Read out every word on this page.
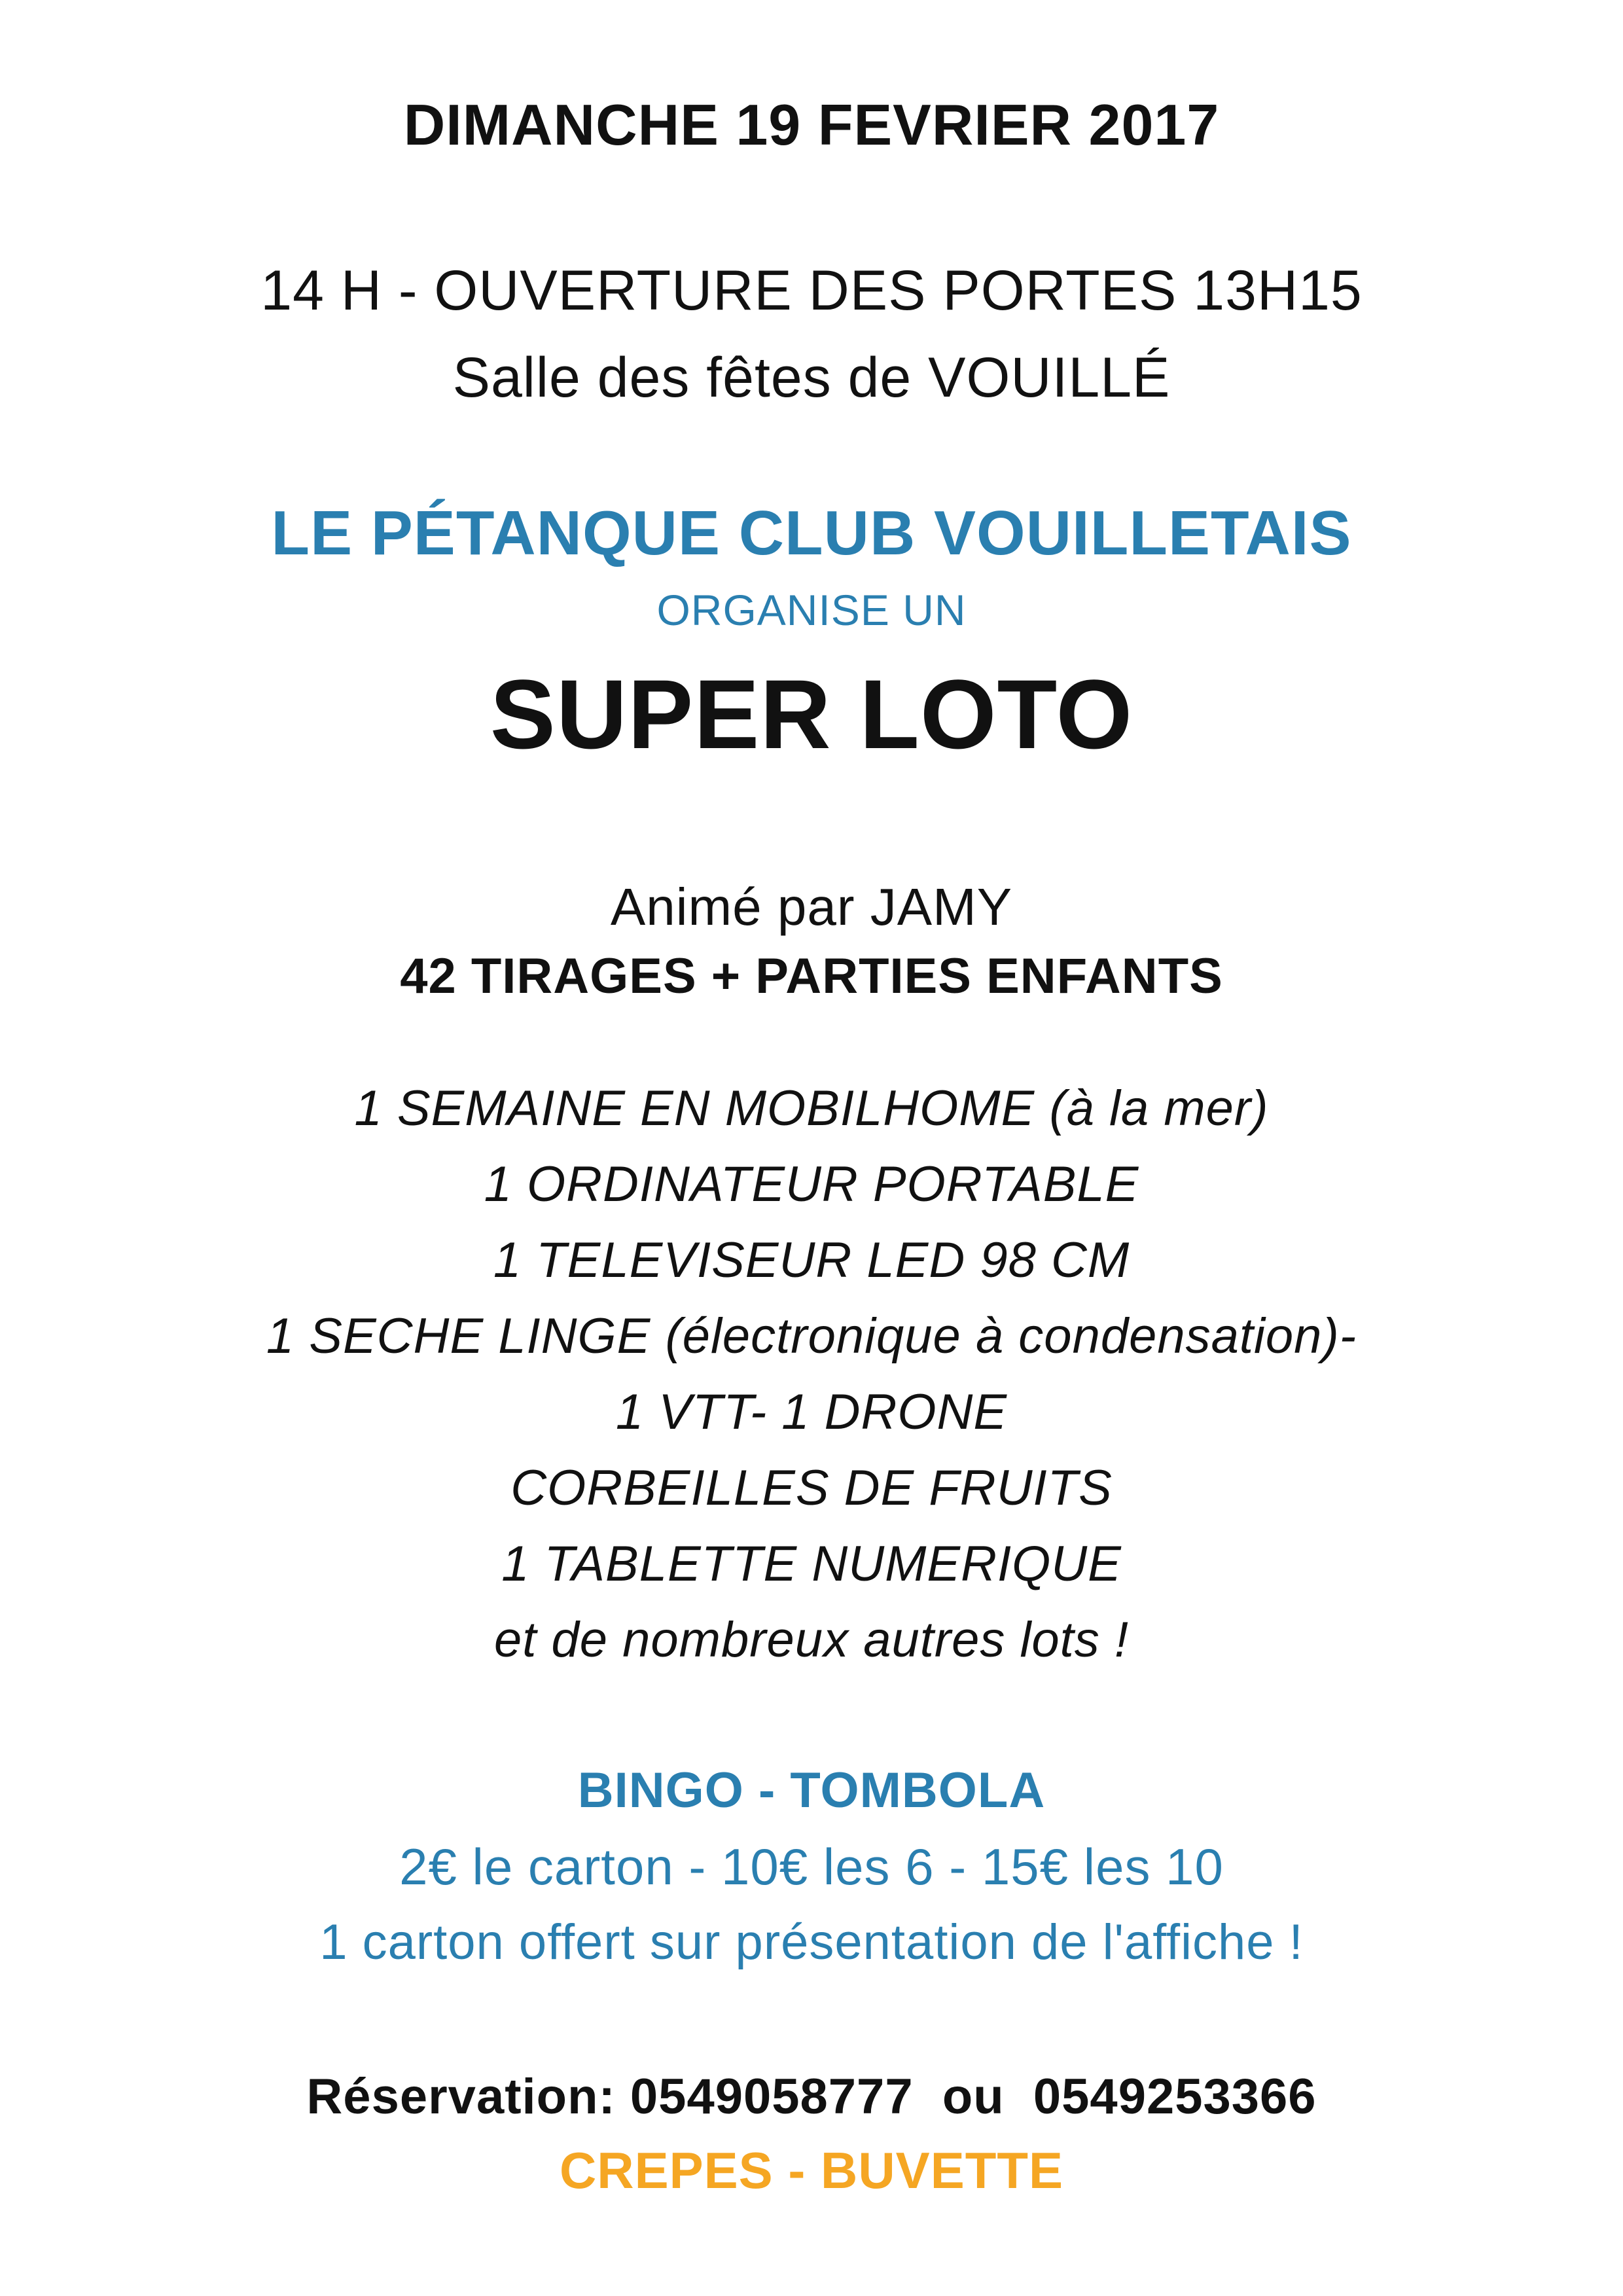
DIMANCHE 19 FEVRIER 2017
14 H - OUVERTURE DES PORTES 13H15
Salle des fêtes de VOUILLÉ
LE PÉTANQUE CLUB VOUILLETAIS
ORGANISE UN
SUPER LOTO
Animé par JAMY
42 TIRAGES + PARTIES ENFANTS
1 SEMAINE EN MOBILHOME (à la mer)
1 ORDINATEUR PORTABLE
1 TELEVISEUR LED 98 CM
1 SECHE LINGE (électronique à condensation)-
1 VTT- 1 DRONE
CORBEILLES DE FRUITS
1 TABLETTE NUMERIQUE
et de nombreux autres lots !
BINGO - TOMBOLA
2€ le carton - 10€ les 6 - 15€ les 10
1 carton offert sur présentation de l'affiche !
Réservation: 0549058777  ou  0549253366
CREPES - BUVETTE
